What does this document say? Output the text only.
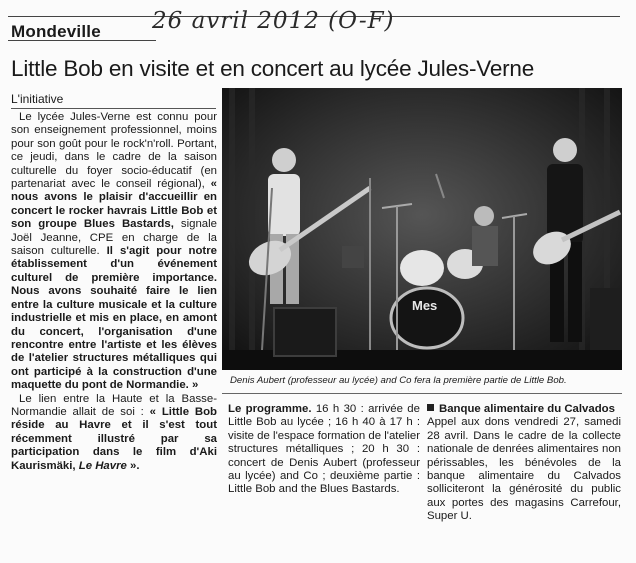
Mondeville 26 avril 2012 (O-F)
Little Bob en visite et en concert au lycée Jules-Verne
L'initiative

Le lycée Jules-Verne est connu pour son enseignement professionnel, moins pour son goût pour le rock'n'roll. Portant, ce jeudi, dans le cadre de la saison culturelle du foyer socio-éducatif (en partenariat avec le conseil régional), « nous avons le plaisir d'accueillir en concert le rocker havrais Little Bob et son groupe Blues Bastards, signale Joël Jeanne, CPE en charge de la saison culturelle. Il s'agit pour notre établissement d'un événement culturel de première importance. Nous avons souhaité faire le lien entre la culture musicale et la culture industrielle et mis en place, en amont du concert, l'organisation d'une rencontre entre l'artiste et les élèves de l'atelier structures métalliques qui ont participé à la construction d'une maquette du pont de Normandie. »

Le lien entre la Haute et la Basse-Normandie allait de soi : « Little Bob réside au Havre et il s'est tout récemment illustré par sa participation dans le film d'Aki Kaurismäki, Le Havre ».

Mes
Denis Aubert (professeur au lycée) and Co fera la première partie de Little Bob.
Le programme. 16 h 30 : arrivée de Little Bob au lycée ; 16 h 40 à 17 h : visite de l'espace formation de l'atelier structures métalliques ; 20 h 30 : concert de Denis Aubert (professeur au lycée) and Co ; deuxième partie : Little Bob and the Blues Bastards.
Banque alimentaire du Calvados
Appel aux dons vendredi 27, samedi 28 avril. Dans le cadre de la collecte nationale de denrées alimentaires non périssables, les bénévoles de la banque alimentaire du Calvados solliciteront la générosité du public aux portes des magasins Carrefour, Super U.
